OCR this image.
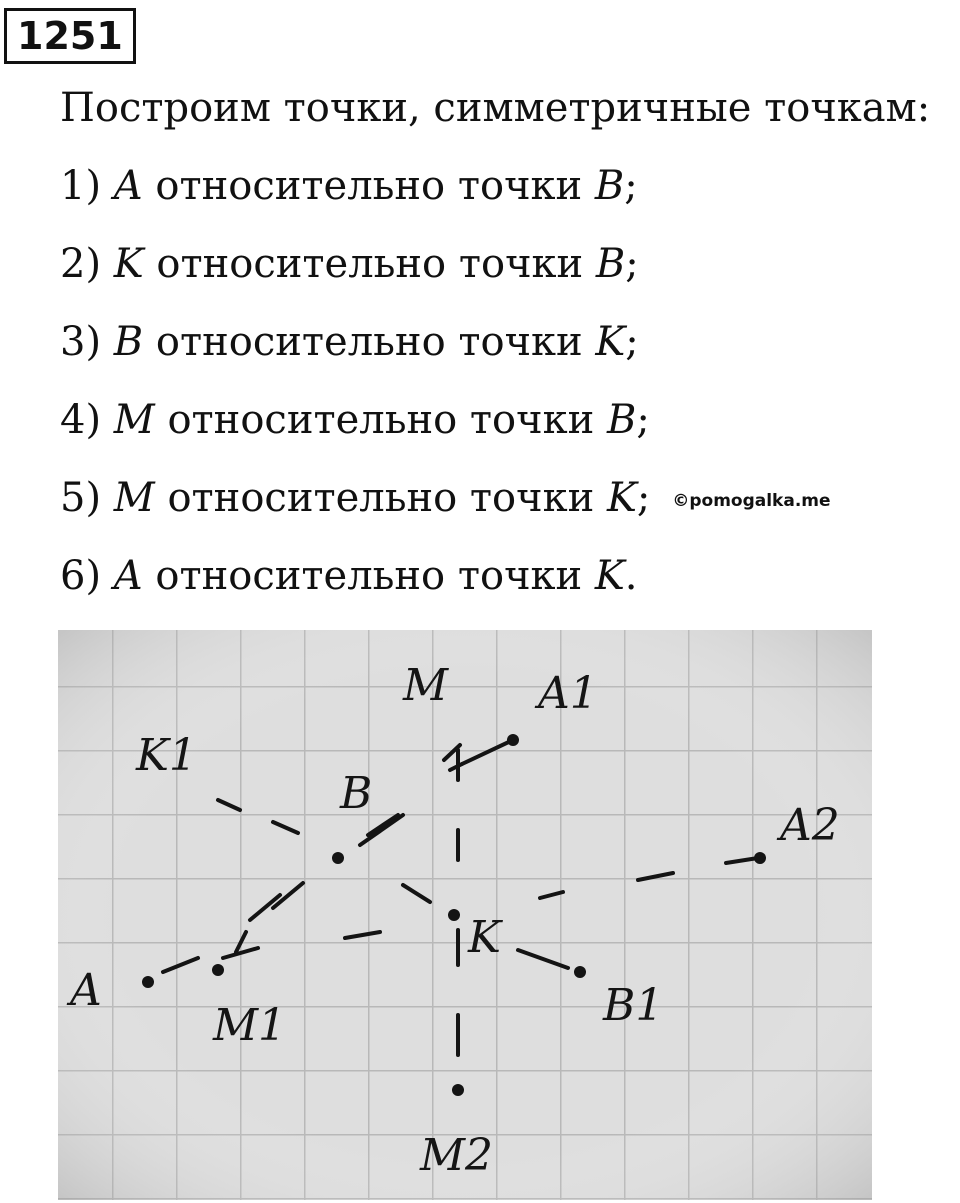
1251
Построим точки, симметричные точкам:
1) A относительно точки B;
2) K относительно точки B;
3) B относительно точки K;
4) M относительно точки B;
5) M относительно точки K; ©pomogalka.me
6) A относительно точки K.
M A1
K1
B
A2
A
M1
K
B1
M2
